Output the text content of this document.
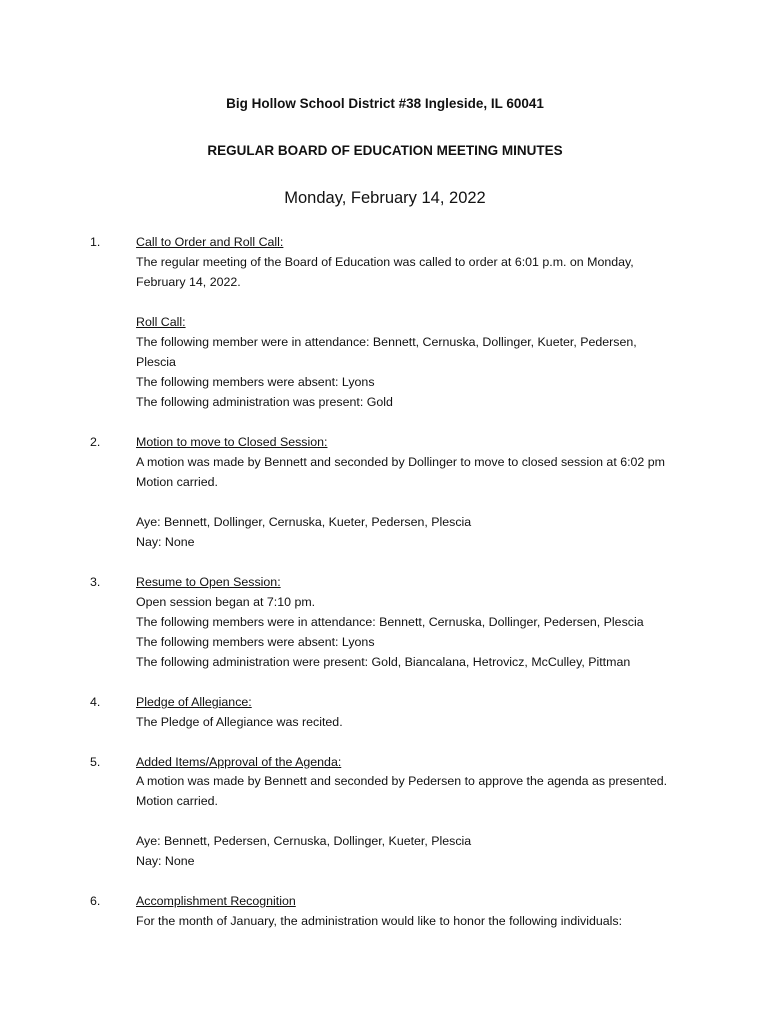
Big Hollow School District #38 Ingleside, IL 60041
REGULAR BOARD OF EDUCATION MEETING MINUTES
Monday, February 14, 2022
1.	Call to Order and Roll Call:
The regular meeting of the Board of Education was called to order at 6:01 p.m. on Monday,
February 14, 2022.
Roll Call:
The following member were in attendance: Bennett, Cernuska, Dollinger, Kueter, Pedersen,
Plescia
The following members were absent: Lyons
The following administration was present: Gold
2.	Motion to move to Closed Session:
A motion was made by Bennett and seconded by Dollinger to move to closed session at 6:02 pm
Motion carried.
Aye: Bennett, Dollinger, Cernuska, Kueter, Pedersen, Plescia
Nay: None
3.	Resume to Open Session:
Open session began at 7:10 pm.
The following members were in attendance: Bennett, Cernuska, Dollinger, Pedersen, Plescia
The following members were absent: Lyons
The following administration were present: Gold, Biancalana, Hetrovicz, McCulley, Pittman
4.	Pledge of Allegiance:
The Pledge of Allegiance was recited.
5.	Added Items/Approval of the Agenda:
A motion was made by Bennett and seconded by Pedersen to approve the agenda as presented.
Motion carried.
Aye: Bennett, Pedersen, Cernuska, Dollinger, Kueter, Plescia
Nay: None
6.	Accomplishment Recognition
For the month of January, the administration would like to honor the following individuals:
